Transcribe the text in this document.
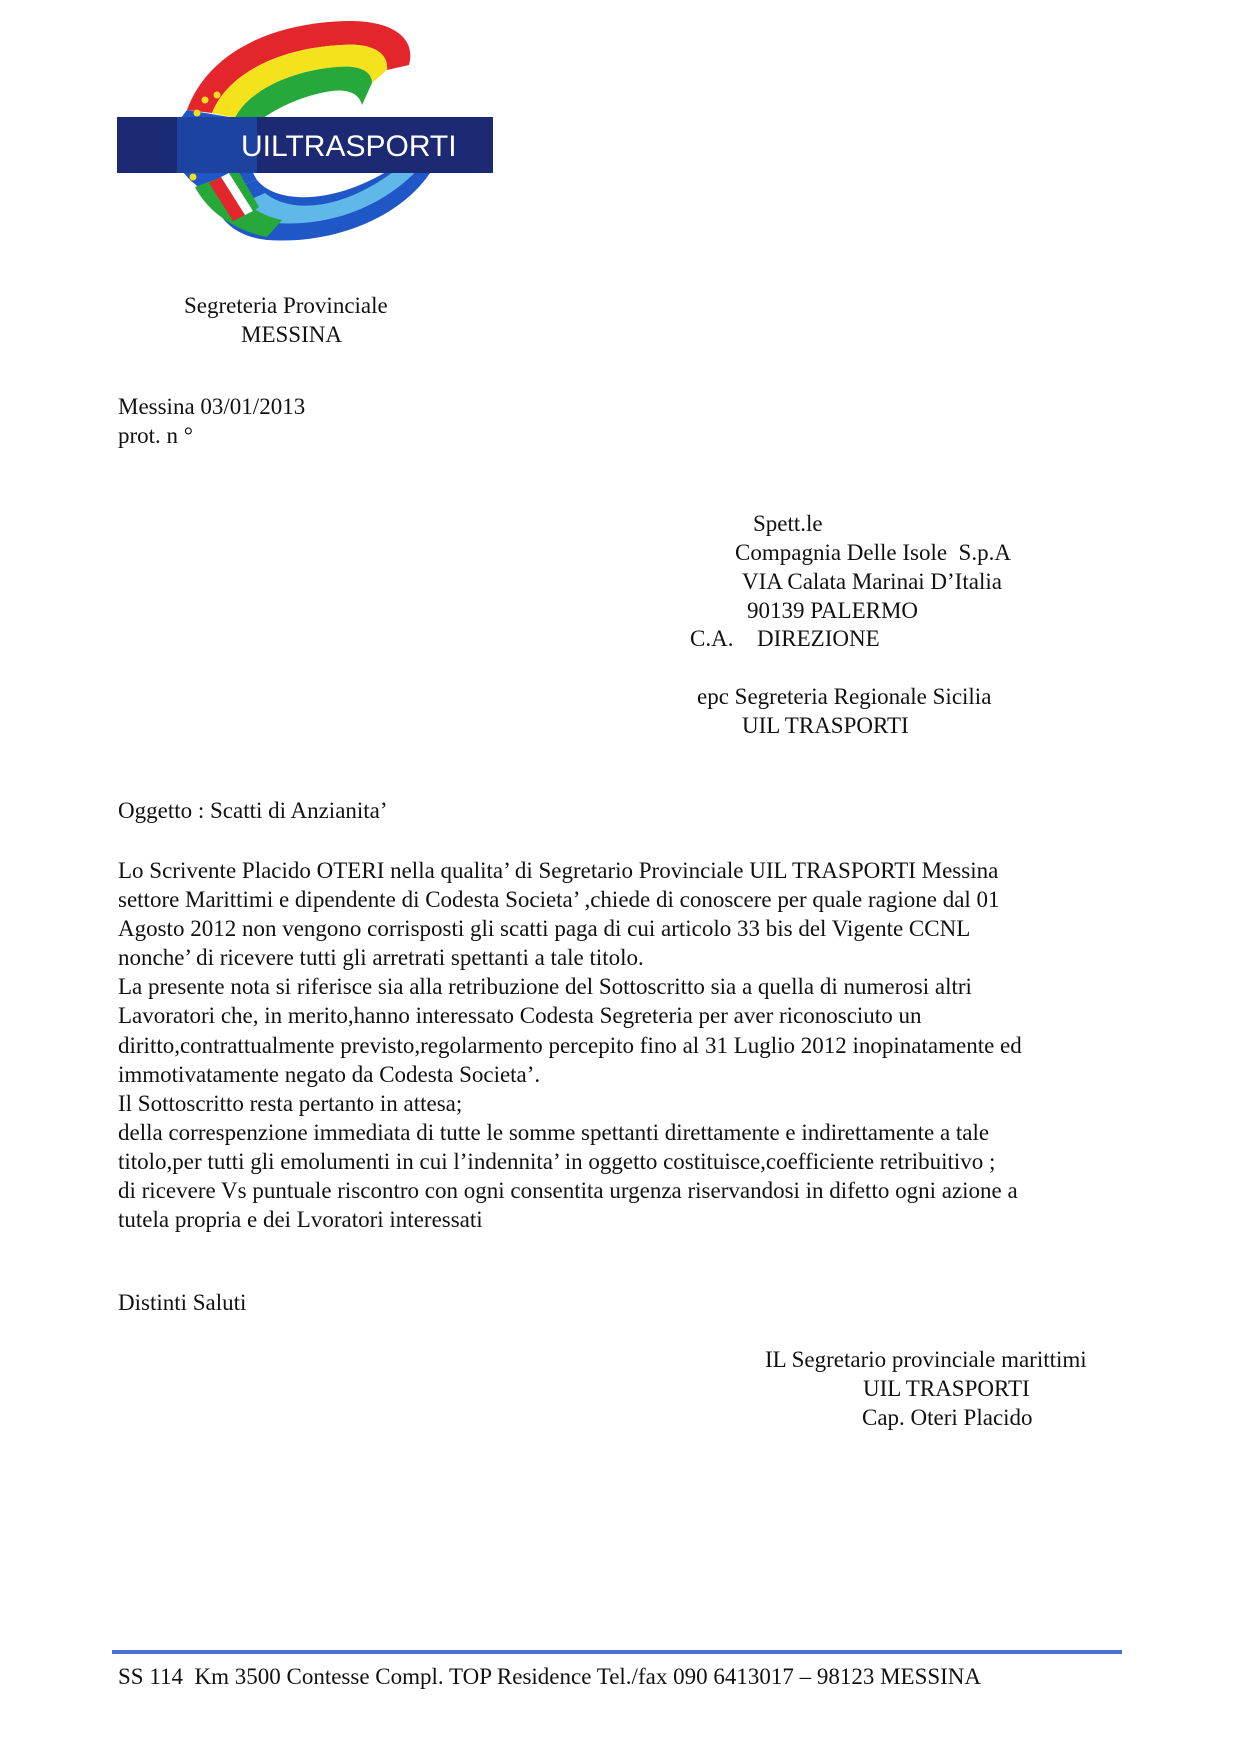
UILTRASPORTI
Segreteria Provinciale
MESSINA
Messina 03/01/2013
prot. n °
Spett.le
Compagnia Delle Isole  S.p.A
VIA Calata Marinai D’Italia
90139 PALERMO
C.A. DIREZIONE
epc Segreteria Regionale Sicilia
UIL TRASPORTI
Oggetto : Scatti di Anzianita’
Lo Scrivente Placido OTERI nella qualita’ di Segretario Provinciale UIL TRASPORTI Messina
settore Marittimi e dipendente di Codesta Societa’ ,chiede di conoscere per quale ragione dal 01
Agosto 2012 non vengono corrisposti gli scatti paga di cui articolo 33 bis del Vigente CCNL
nonche’ di ricevere tutti gli arretrati spettanti a tale titolo.
La presente nota si riferisce sia alla retribuzione del Sottoscritto sia a quella di numerosi altri
Lavoratori che, in merito,hanno interessato Codesta Segreteria per aver riconosciuto un
diritto,contrattualmente previsto,regolarmento percepito fino al 31 Luglio 2012 inopinatamente ed
immotivatamente negato da Codesta Societa’.
Il Sottoscritto resta pertanto in attesa;
della correspenzione immediata di tutte le somme spettanti direttamente e indirettamente a tale
titolo,per tutti gli emolumenti in cui l’indennita’ in oggetto costituisce,coefficiente retribuitivo ;
di ricevere Vs puntuale riscontro con ogni consentita urgenza riservandosi in difetto ogni azione a
tutela propria e dei Lvoratori interessati
Distinti Saluti
IL Segretario provinciale marittimi
UIL TRASPORTI
Cap. Oteri Placido
SS 114  Km 3500 Contesse Compl. TOP Residence Tel./fax 090 6413017 – 98123 MESSINA
